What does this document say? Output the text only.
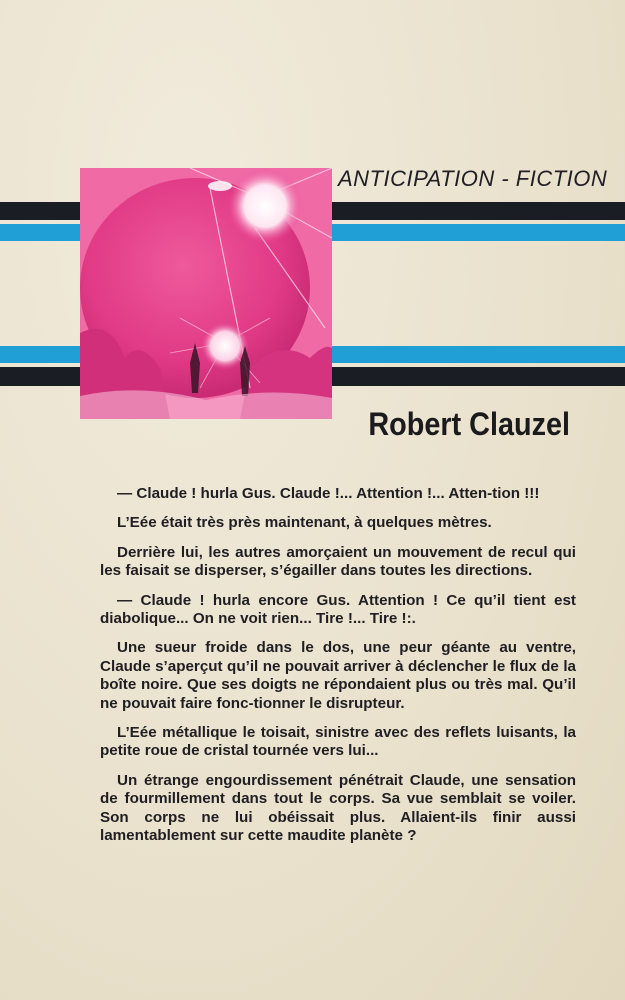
ANTICIPATION - FICTION
Robert Clauzel

— Claude ! hurla Gus. Claude !... Attention !... Atten-tion !!!

L’Eée était très près maintenant, à quelques mètres.

Derrière lui, les autres amorçaient un mouvement de recul qui les faisait se disperser, s’égailler dans toutes les directions.

— Claude ! hurla encore Gus. Attention ! Ce qu’il tient est diabolique... On ne voit rien... Tire !... Tire !:.

Une sueur froide dans le dos, une peur géante au ventre, Claude s’aperçut qu’il ne pouvait arriver à déclencher le flux de la boîte noire. Que ses doigts ne répondaient plus ou très mal. Qu’il ne pouvait faire fonc-tionner le disrupteur.

L’Eée métallique le toisait, sinistre avec des reflets luisants, la petite roue de cristal tournée vers lui...

Un étrange engourdissement pénétrait Claude, une sensation de fourmillement dans tout le corps. Sa vue semblait se voiler. Son corps ne lui obéissait plus. Allaient-ils finir aussi lamentablement sur cette maudite planète ?
